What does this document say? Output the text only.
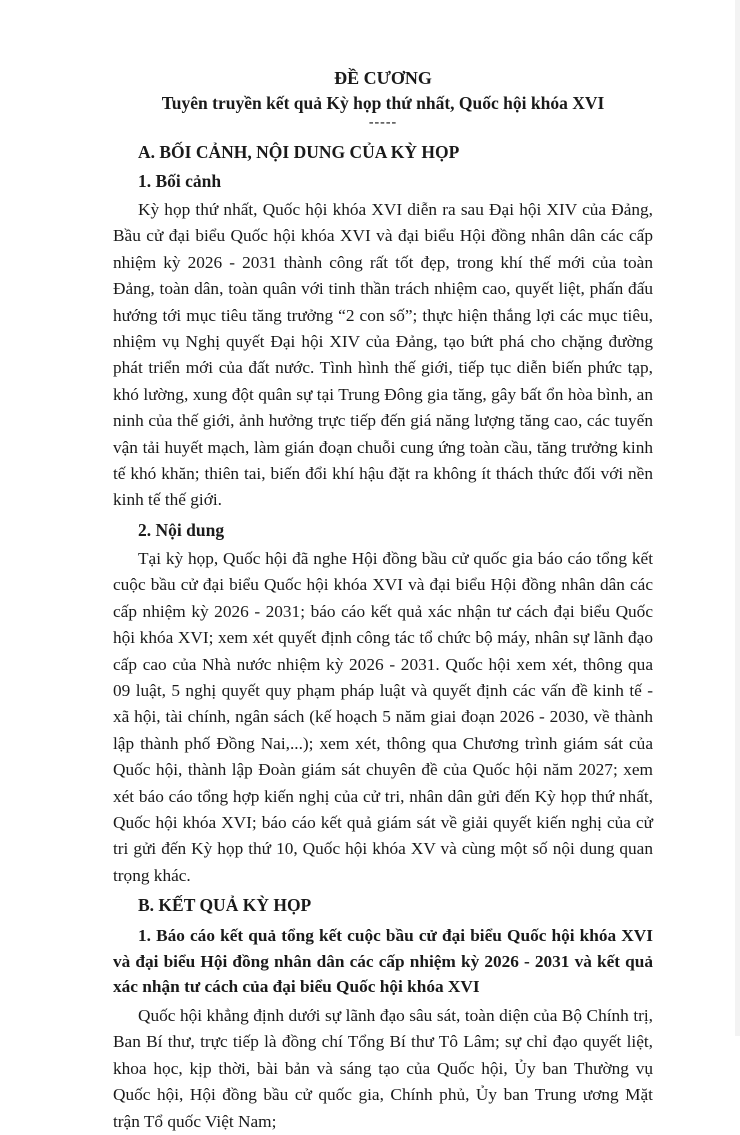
ĐỀ CƯƠNG

Tuyên truyền kết quả Kỳ họp thứ nhất, Quốc hội khóa XVI

-----

A. BỐI CẢNH, NỘI DUNG CỦA KỲ HỌP

1. Bối cảnh

Kỳ họp thứ nhất, Quốc hội khóa XVI diễn ra sau Đại hội XIV của Đảng, Bầu cử đại biểu Quốc hội khóa XVI và đại biểu Hội đồng nhân dân các cấp nhiệm kỳ 2026 - 2031 thành công rất tốt đẹp, trong khí thế mới của toàn Đảng, toàn dân, toàn quân với tinh thần trách nhiệm cao, quyết liệt, phấn đấu hướng tới mục tiêu tăng trưởng “2 con số”; thực hiện thắng lợi các mục tiêu, nhiệm vụ Nghị quyết Đại hội XIV của Đảng, tạo bứt phá cho chặng đường phát triển mới của đất nước. Tình hình thế giới, tiếp tục diễn biến phức tạp, khó lường, xung đột quân sự tại Trung Đông gia tăng, gây bất ổn hòa bình, an ninh của thế giới, ảnh hưởng trực tiếp đến giá năng lượng tăng cao, các tuyến vận tải huyết mạch, làm gián đoạn chuỗi cung ứng toàn cầu, tăng trưởng kinh tế khó khăn; thiên tai, biến đổi khí hậu đặt ra không ít thách thức đối với nền kinh tế thế giới.

2. Nội dung

Tại kỳ họp, Quốc hội đã nghe Hội đồng bầu cử quốc gia báo cáo tổng kết cuộc bầu cử đại biểu Quốc hội khóa XVI và đại biểu Hội đồng nhân dân các cấp nhiệm kỳ 2026 - 2031; báo cáo kết quả xác nhận tư cách đại biểu Quốc hội khóa XVI; xem xét quyết định công tác tổ chức bộ máy, nhân sự lãnh đạo cấp cao của Nhà nước nhiệm kỳ 2026 - 2031. Quốc hội xem xét, thông qua 09 luật, 5 nghị quyết quy phạm pháp luật và quyết định các vấn đề kinh tế - xã hội, tài chính, ngân sách (kế hoạch 5 năm giai đoạn 2026 - 2030, về thành lập thành phố Đồng Nai,...); xem xét, thông qua Chương trình giám sát của Quốc hội, thành lập Đoàn giám sát chuyên đề của Quốc hội năm 2027; xem xét báo cáo tổng hợp kiến nghị của cử tri, nhân dân gửi đến Kỳ họp thứ nhất, Quốc hội khóa XVI; báo cáo kết quả giám sát về giải quyết kiến nghị của cử tri gửi đến Kỳ họp thứ 10, Quốc hội khóa XV và cùng một số nội dung quan trọng khác.

B. KẾT QUẢ KỲ HỌP

1. Báo cáo kết quả tổng kết cuộc bầu cử đại biểu Quốc hội khóa XVI và đại biểu Hội đồng nhân dân các cấp nhiệm kỳ 2026 - 2031 và kết quả xác nhận tư cách của đại biểu Quốc hội khóa XVI

Quốc hội khẳng định dưới sự lãnh đạo sâu sát, toàn diện của Bộ Chính trị, Ban Bí thư, trực tiếp là đồng chí Tổng Bí thư Tô Lâm; sự chỉ đạo quyết liệt, khoa học, kịp thời, bài bản và sáng tạo của Quốc hội, Ủy ban Thường vụ Quốc hội, Hội đồng bầu cử quốc gia, Chính phủ, Ủy ban Trung ương Mặt trận Tổ quốc Việt Nam;
